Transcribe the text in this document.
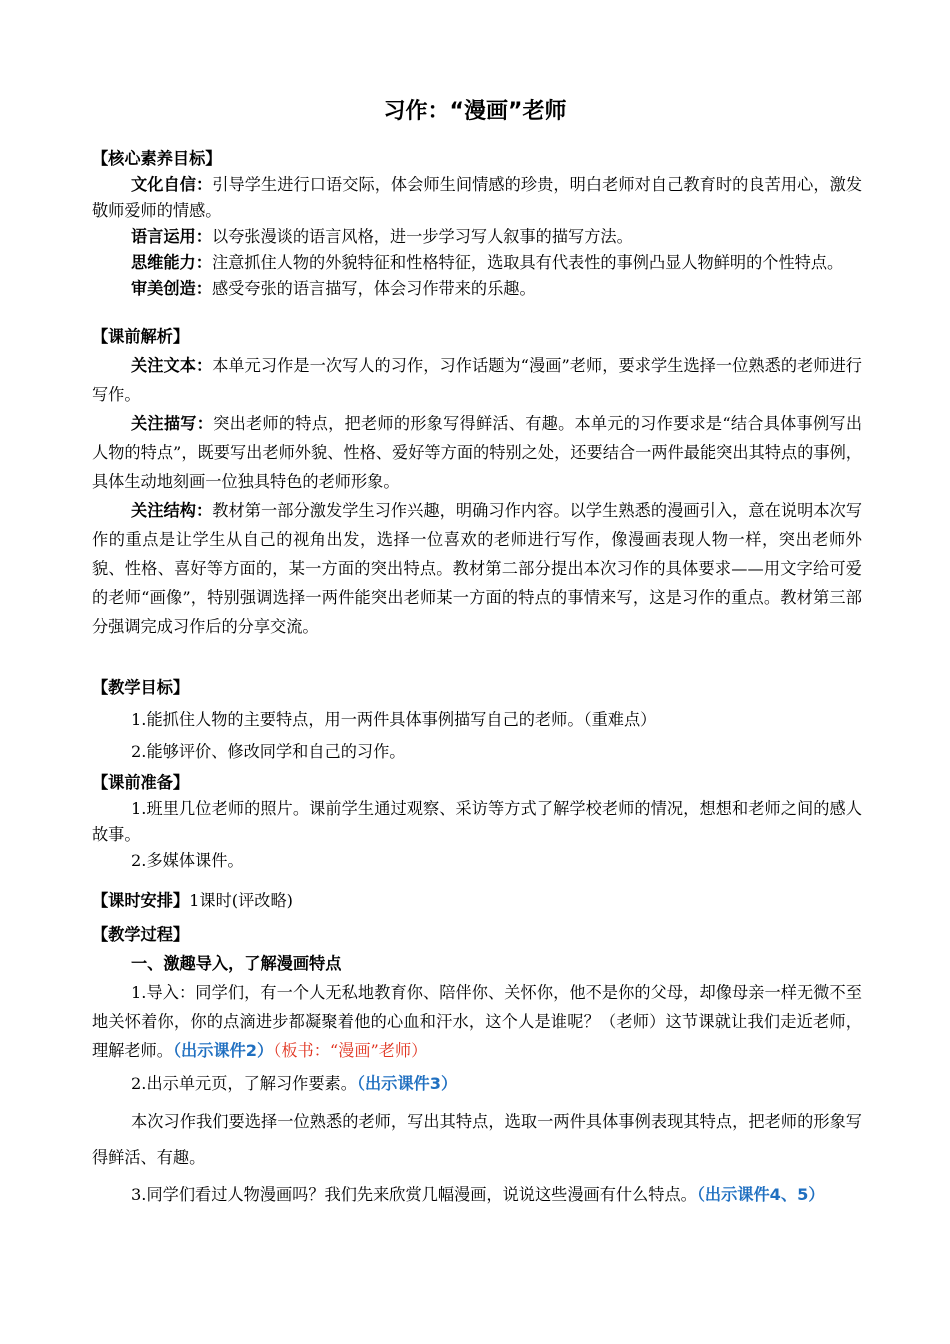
习作：“漫画”老师
【核心素养目标】
文化自信：引导学生进行口语交际，体会师生间情感的珍贵，明白老师对自己教育时的良苦用心，激发敬师爱师的情感。
语言运用：以夸张漫谈的语言风格，进一步学习写人叙事的描写方法。
思维能力：注意抓住人物的外貌特征和性格特征，选取具有代表性的事例凸显人物鲜明的个性特点。
审美创造：感受夸张的语言描写，体会习作带来的乐趣。
【课前解析】
关注文本：本单元习作是一次写人的习作，习作话题为“漫画”老师，要求学生选择一位熟悉的老师进行写作。
关注描写：突出老师的特点，把老师的形象写得鲜活、有趣。本单元的习作要求是“结合具体事例写出人物的特点”，既要写出老师外貌、性格、爱好等方面的特别之处，还要结合一两件最能突出其特点的事例，具体生动地刻画一位独具特色的老师形象。
关注结构：教材第一部分激发学生习作兴趣，明确习作内容。以学生熟悉的漫画引入，意在说明本次写作的重点是让学生从自己的视角出发，选择一位喜欢的老师进行写作，像漫画表现人物一样，突出老师外貌、性格、喜好等方面的，某一方面的突出特点。教材第二部分提出本次习作的具体要求——用文字给可爱的老师“画像”，特别强调选择一两件能突出老师某一方面的特点的事情来写，这是习作的重点。教材第三部分强调完成习作后的分享交流。
【教学目标】
1.能抓住人物的主要特点，用一两件具体事例描写自己的老师。（重难点）
2.能够评价、修改同学和自己的习作。
【课前准备】
1.班里几位老师的照片。课前学生通过观察、采访等方式了解学校老师的情况，想想和老师之间的感人故事。
2.多媒体课件。
【课时安排】1课时(评改略)
【教学过程】
一、激趣导入，了解漫画特点
1.导入：同学们，有一个人无私地教育你、陪伴你、关怀你，他不是你的父母，却像母亲一样无微不至地关怀着你，你的点滴进步都凝聚着他的心血和汗水，这个人是谁呢？（老师）这节课就让我们走近老师，理解老师。（出示课件2）（板书：“漫画”老师）
2.出示单元页，了解习作要素。（出示课件3）
本次习作我们要选择一位熟悉的老师，写出其特点，选取一两件具体事例表现其特点，把老师的形象写得鲜活、有趣。
3.同学们看过人物漫画吗？我们先来欣赏几幅漫画，说说这些漫画有什么特点。（出示课件4、5）
